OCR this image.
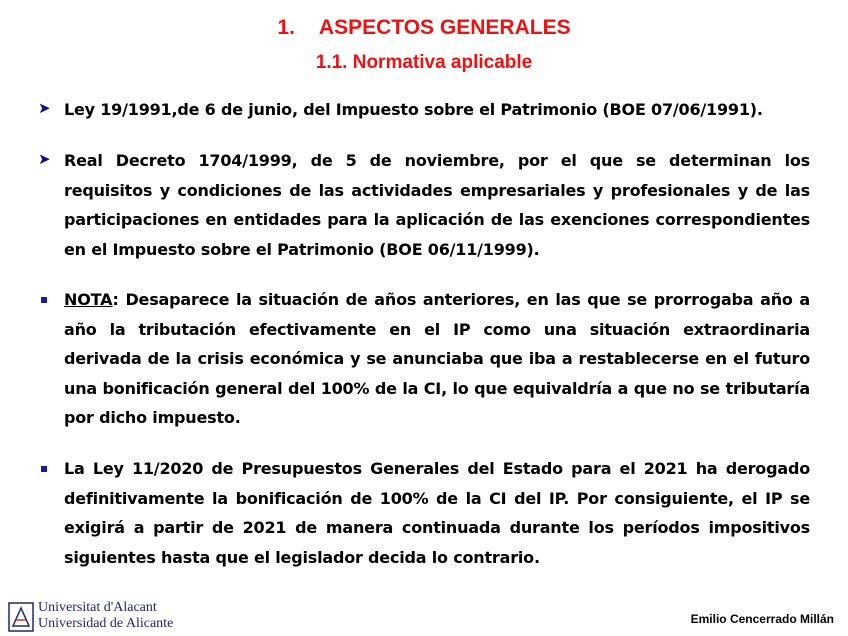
1. ASPECTOS GENERALES
1.1. Normativa aplicable
➤ Ley 19/1991,de 6 de junio, del Impuesto sobre el Patrimonio (BOE 07/06/1991).
➤ Real Decreto 1704/1999, de 5 de noviembre, por el que se determinan los requisitos y condiciones de las actividades empresariales y profesionales y de las participaciones en entidades para la aplicación de las exenciones correspondientes en el Impuesto sobre el Patrimonio (BOE 06/11/1999).
NOTA: Desaparece la situación de años anteriores, en las que se prorrogaba año a año la tributación efectivamente en el IP como una situación extraordinaria derivada de la crisis económica y se anunciaba que iba a restablecerse en el futuro una bonificación general del 100% de la CI, lo que equivaldría a que no se tributaría por dicho impuesto.
La Ley 11/2020 de Presupuestos Generales del Estado para el 2021 ha derogado definitivamente la bonificación de 100% de la CI del IP. Por consiguiente, el IP se exigirá a partir de 2021 de manera continuada durante los períodos impositivos siguientes hasta que el legislador decida lo contrario.
Universitat d'Alacant
Universidad de Alicante	Emilio Cencerrado Millán
